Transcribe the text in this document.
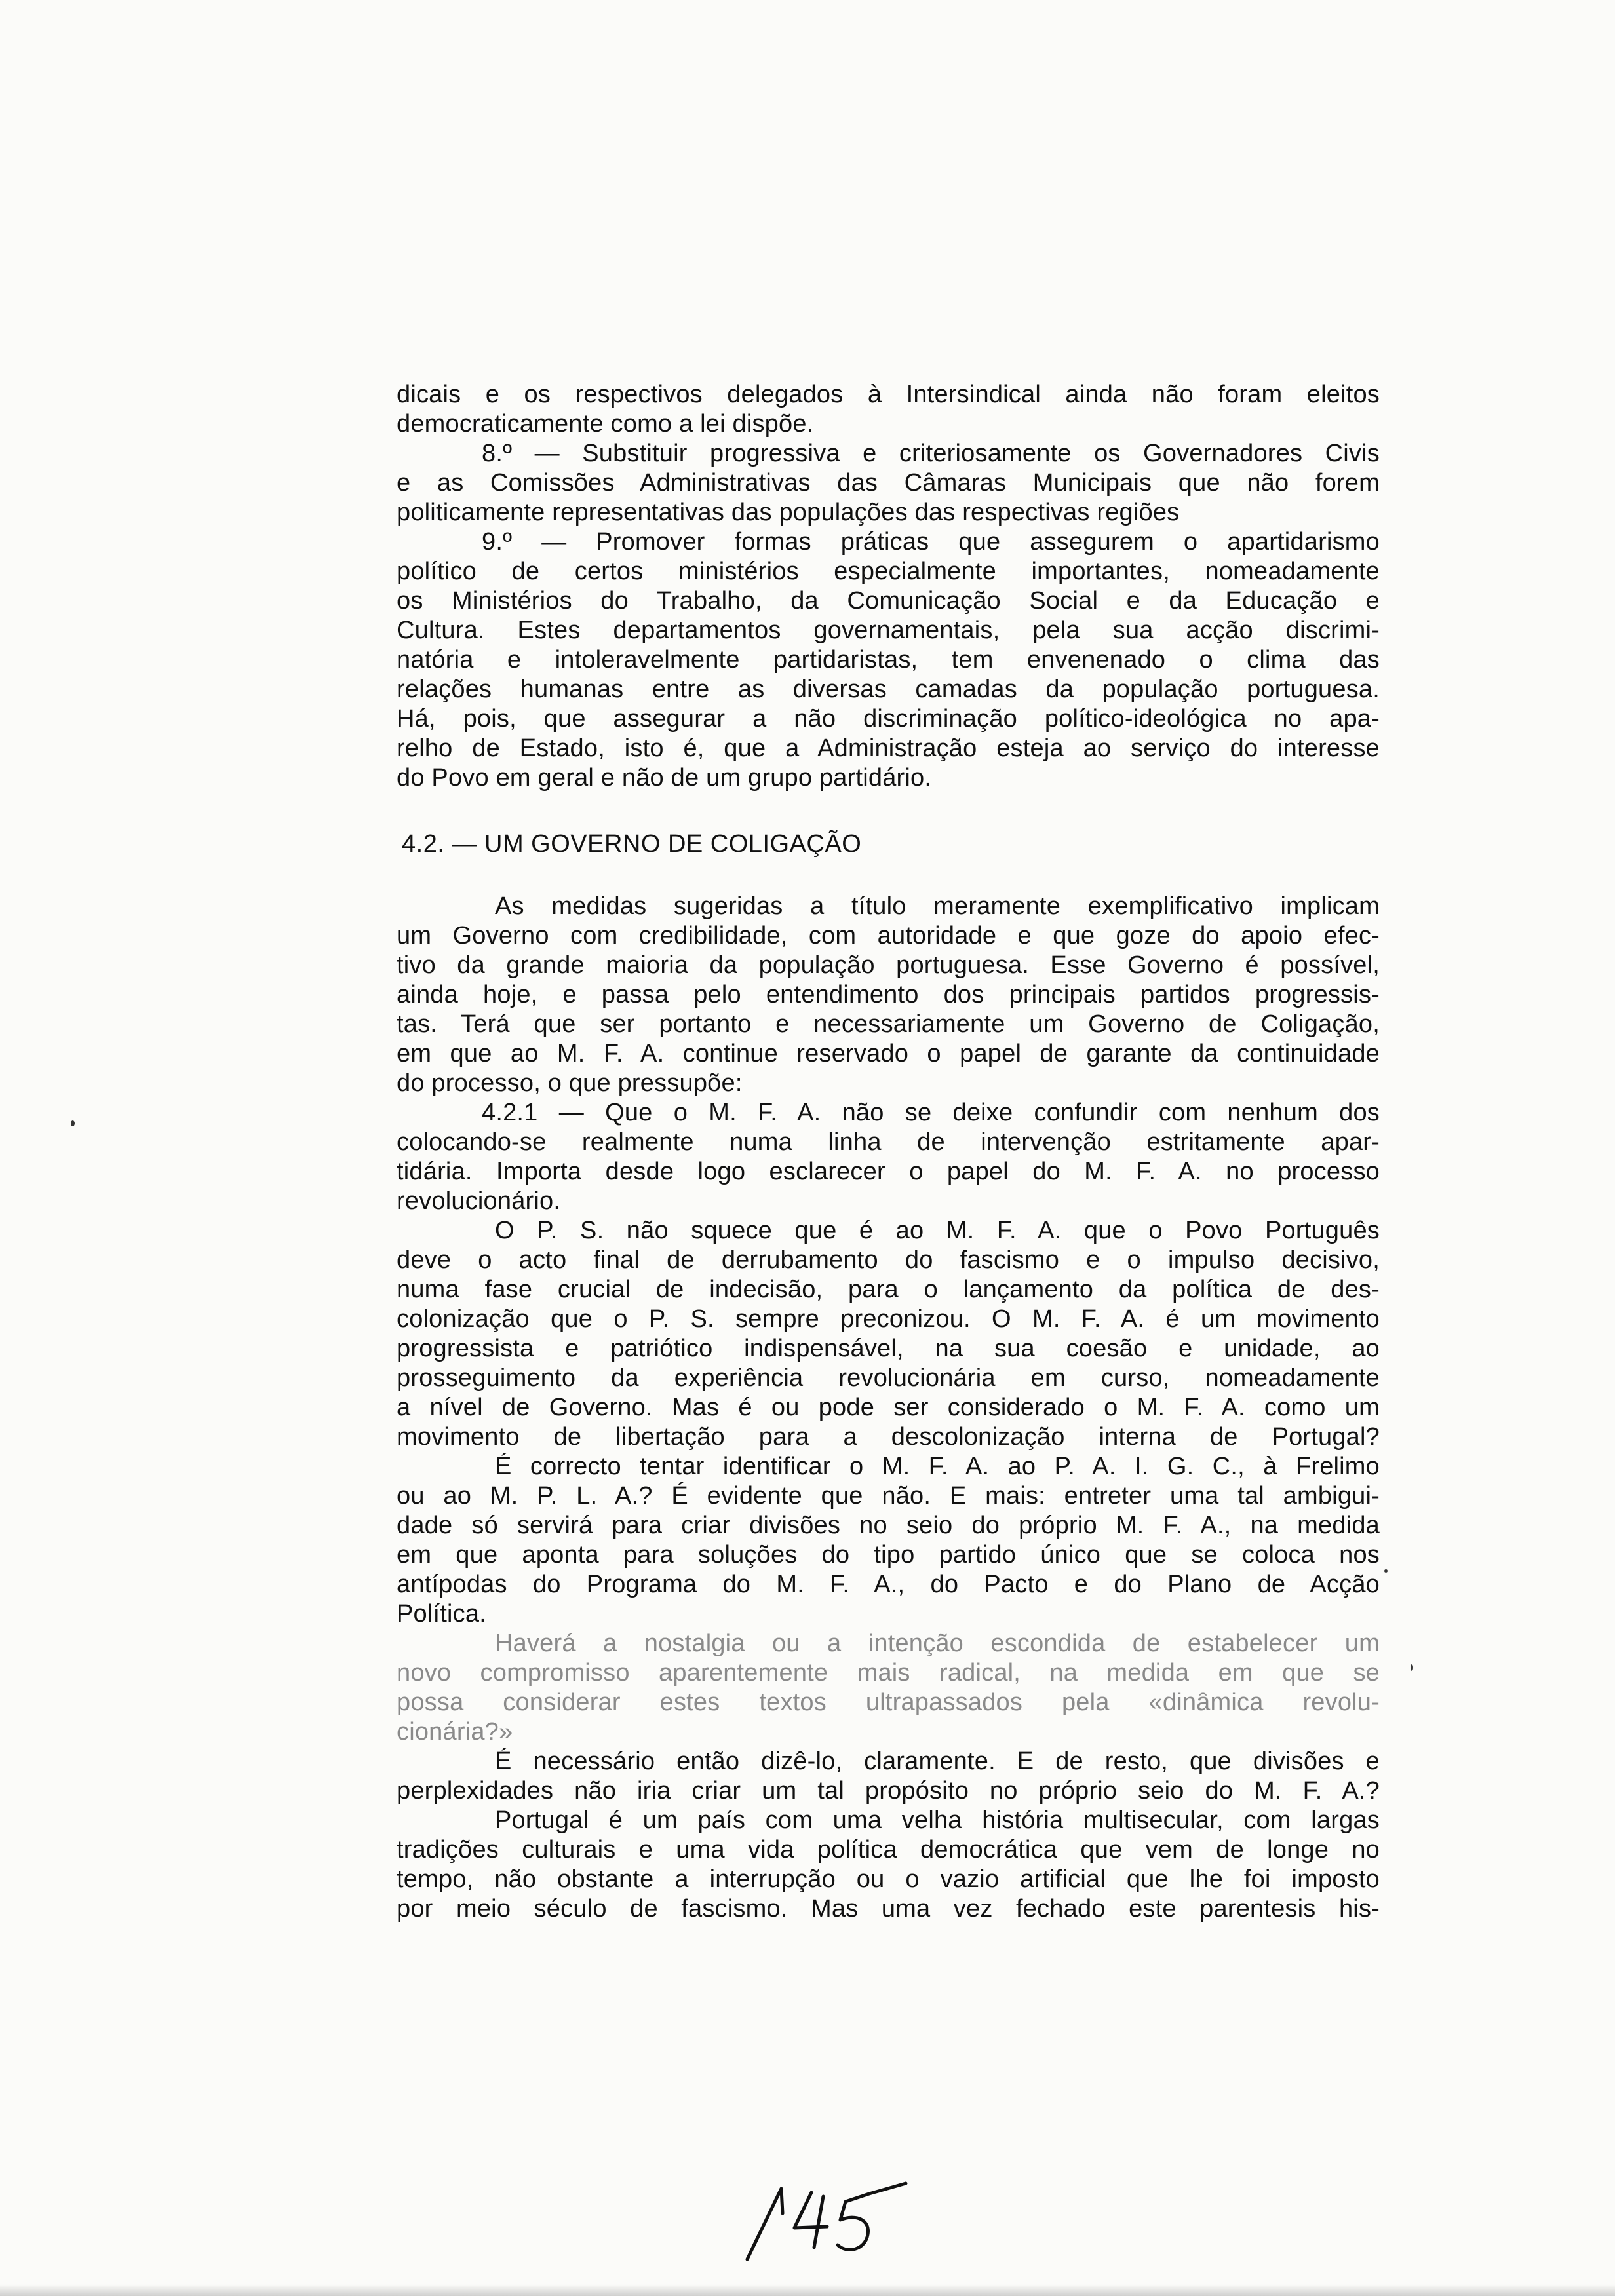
dicais e os respectivos delegados à Intersindical ainda não foram eleitos
democraticamente como a lei dispõe.
8.º — Substituir progressiva e criteriosamente os Governadores Civis
e as Comissões Administrativas das Câmaras Municipais que não forem
politicamente representativas das populações das respectivas regiões
9.º — Promover formas práticas que assegurem o apartidarismo
político de certos ministérios especialmente importantes, nomeadamente
os Ministérios do Trabalho, da Comunicação Social e da Educação e
Cultura. Estes departamentos governamentais, pela sua acção discrimi-
natória e intoleravelmente partidaristas, tem envenenado o clima das
relações humanas entre as diversas camadas da população portuguesa.
Há, pois, que assegurar a não discriminação político-ideológica no apa-
relho de Estado, isto é, que a Administração esteja ao serviço do interesse
do Povo em geral e não de um grupo partidário.
4.2. — UM GOVERNO DE COLIGAÇÃO
As medidas sugeridas a título meramente exemplificativo implicam
um Governo com credibilidade, com autoridade e que goze do apoio efec-
tivo da grande maioria da população portuguesa. Esse Governo é possível,
ainda hoje, e passa pelo entendimento dos principais partidos progressis-
tas. Terá que ser portanto e necessariamente um Governo de Coligação,
em que ao M. F. A. continue reservado o papel de garante da continuidade
do processo, o que pressupõe:
4.2.1 — Que o M. F. A. não se deixe confundir com nenhum dos
colocando-se realmente numa linha de intervenção estritamente apar-
tidária. Importa desde logo esclarecer o papel do M. F. A. no processo
revolucionário.
O P. S. não squece que é ao M. F. A. que o Povo Português
deve o acto final de derrubamento do fascismo e o impulso decisivo,
numa fase crucial de indecisão, para o lançamento da política de des-
colonização que o P. S. sempre preconizou. O M. F. A. é um movimento
progressista e patriótico indispensável, na sua coesão e unidade, ao
prosseguimento da experiência revolucionária em curso, nomeadamente
a nível de Governo. Mas é ou pode ser considerado o M. F. A. como um
movimento de libertação para a descolonização interna de Portugal?
É correcto tentar identificar o M. F. A. ao P. A. I. G. C., à Frelimo
ou ao M. P. L. A.? É evidente que não. E mais: entreter uma tal ambigui-
dade só servirá para criar divisões no seio do próprio M. F. A., na medida
em que aponta para soluções do tipo partido único que se coloca nos
antípodas do Programa do M. F. A., do Pacto e do Plano de Acção
Política.
Haverá a nostalgia ou a intenção escondida de estabelecer um
novo compromisso aparentemente mais radical, na medida em que se
possa considerar estes textos ultrapassados pela «dinâmica revolu-
cionária?»
É necessário então dizê-lo, claramente. E de resto, que divisões e
perplexidades não iria criar um tal propósito no próprio seio do M. F. A.?
Portugal é um país com uma velha história multisecular, com largas
tradições culturais e uma vida política democrática que vem de longe no
tempo, não obstante a interrupção ou o vazio artificial que lhe foi imposto
por meio século de fascismo. Mas uma vez fechado este parentesis his-
